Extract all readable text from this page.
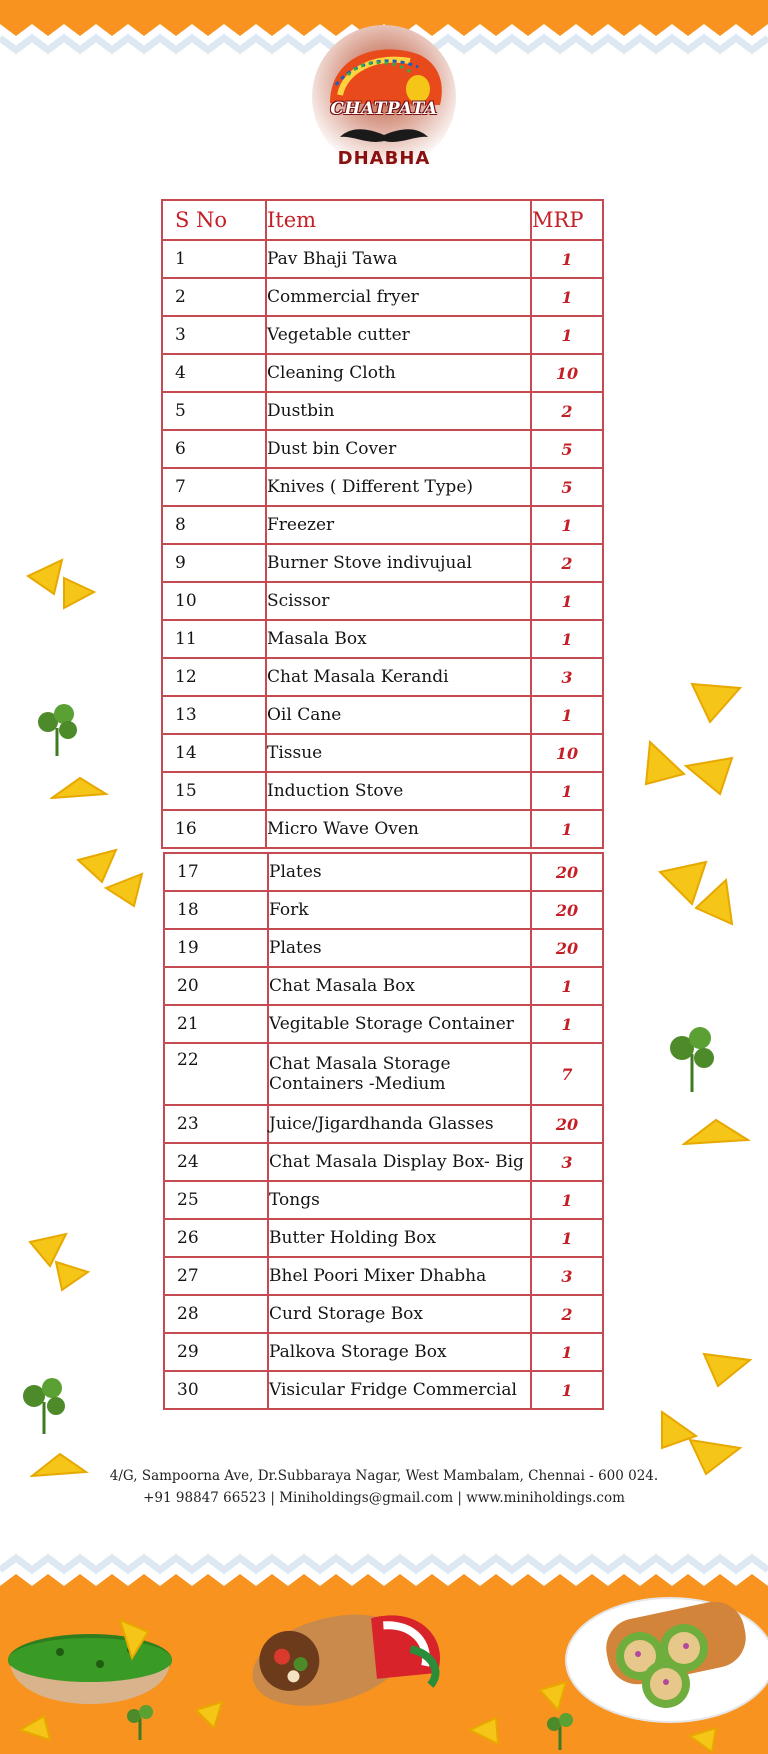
CHATPATA
DHABHA
S No	Item	MRP
1	Pav Bhaji Tawa	1
2	Commercial fryer	1
3	Vegetable cutter	1
4	Cleaning Cloth	10
5	Dustbin	2
6	Dust bin Cover	5
7	Knives ( Different Type)	5
8	Freezer	1
9	Burner Stove indivujual	2
10	Scissor	1
11	Masala Box	1
12	Chat Masala Kerandi	3
13	Oil Cane	1
14	Tissue	10
15	Induction Stove	1
16	Micro Wave Oven	1
17	Plates	20
18	Fork	20
19	Plates	20
20	Chat Masala Box	1
21	Vegitable Storage Container	1
22	Chat Masala Storage
Containers -Medium	7
23	Juice/Jigardhanda Glasses	20
24	Chat Masala Display Box- Big	3
25	Tongs	1
26	Butter Holding Box	1
27	Bhel Poori Mixer Dhabha	3
28	Curd Storage Box	2
29	Palkova Storage Box	1
30	Visicular Fridge Commercial	1
4/G, Sampoorna Ave, Dr.Subbaraya Nagar, West Mambalam, Chennai - 600 024.
+91 98847 66523 | Miniholdings@gmail.com | www.miniholdings.com
